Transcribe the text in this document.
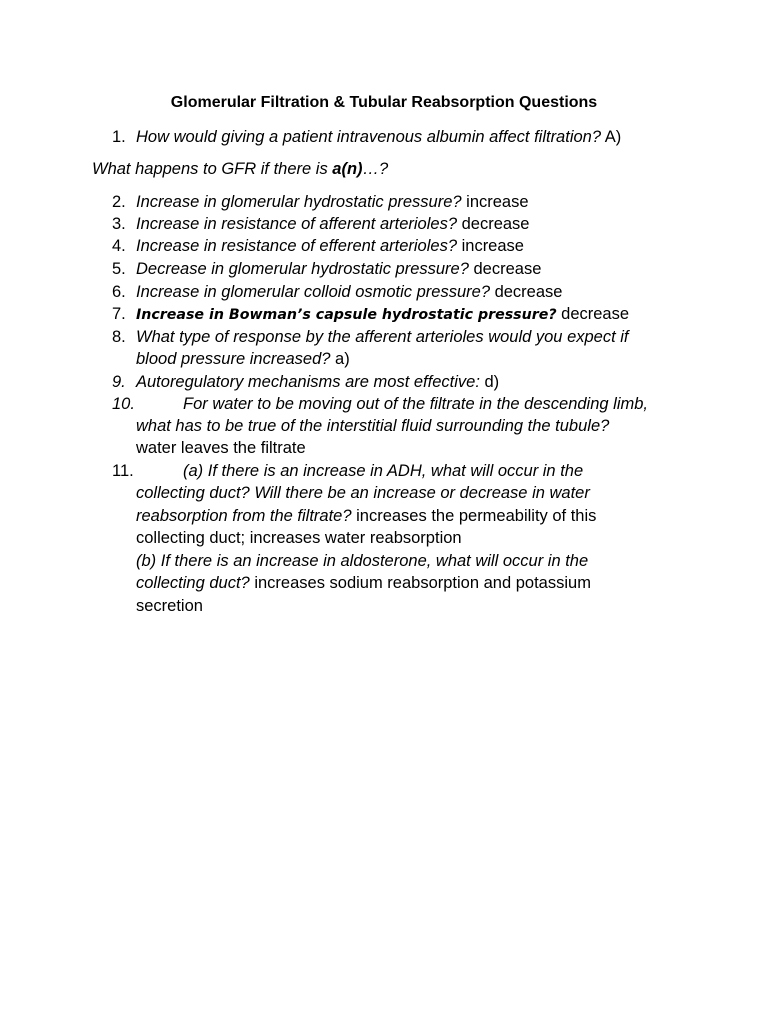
Glomerular Filtration & Tubular Reabsorption Questions
1. How would giving a patient intravenous albumin affect filtration? A)
What happens to GFR if there is a(n)…?
2. Increase in glomerular hydrostatic pressure? increase
3. Increase in resistance of afferent arterioles? decrease
4. Increase in resistance of efferent arterioles? increase
5. Decrease in glomerular hydrostatic pressure? decrease
6. Increase in glomerular colloid osmotic pressure? decrease
7. Increase in Bowman’s capsule hydrostatic pressure? decrease
8. What type of response by the afferent arterioles would you expect if
blood pressure increased? a)
9. Autoregulatory mechanisms are most effective: d)
10.	For water to be moving out of the filtrate in the descending limb,
what has to be true of the interstitial fluid surrounding the tubule?
water leaves the filtrate
11.	(a) If there is an increase in ADH, what will occur in the
collecting duct? Will there be an increase or decrease in water
reabsorption from the filtrate? increases the permeability of this
collecting duct; increases water reabsorption
(b) If there is an increase in aldosterone, what will occur in the
collecting duct? increases sodium reabsorption and potassium
secretion
